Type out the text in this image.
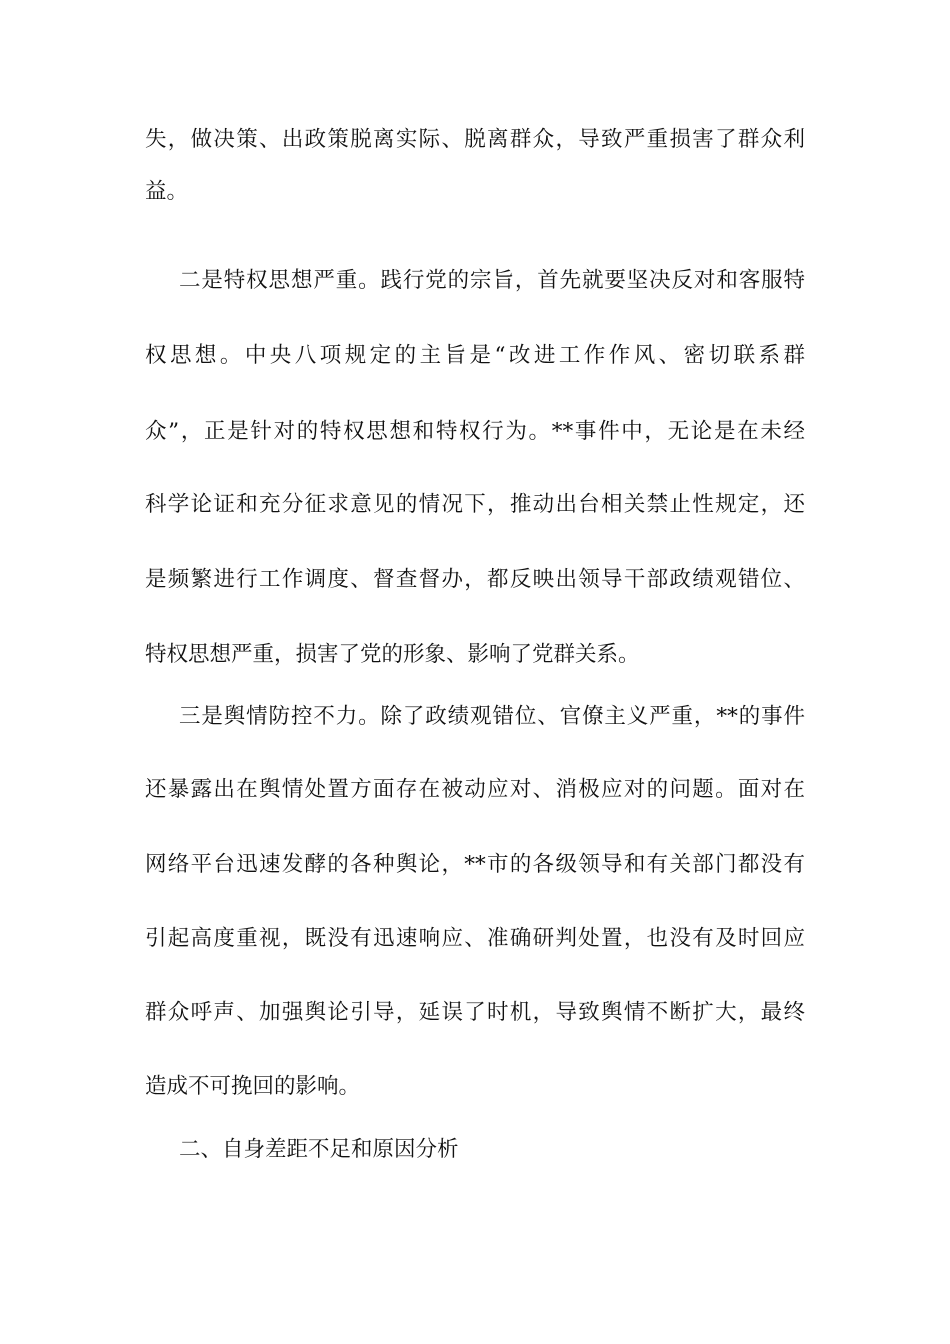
失，做决策、出政策脱离实际、脱离群众，导致严重损害了群众利
益。
二是特权思想严重。践行党的宗旨，首先就要坚决反对和客服特
权思想。中央八项规定的主旨是“改进工作作风、密切联系群
众”，正是针对的特权思想和特权行为。**事件中，无论是在未经
科学论证和充分征求意见的情况下，推动出台相关禁止性规定，还
是频繁进行工作调度、督查督办，都反映出领导干部政绩观错位、
特权思想严重，损害了党的形象、影响了党群关系。
三是舆情防控不力。除了政绩观错位、官僚主义严重，**的事件
还暴露出在舆情处置方面存在被动应对、消极应对的问题。面对在
网络平台迅速发酵的各种舆论，**市的各级领导和有关部门都没有
引起高度重视，既没有迅速响应、准确研判处置，也没有及时回应
群众呼声、加强舆论引导，延误了时机，导致舆情不断扩大，最终
造成不可挽回的影响。
二、自身差距不足和原因分析
